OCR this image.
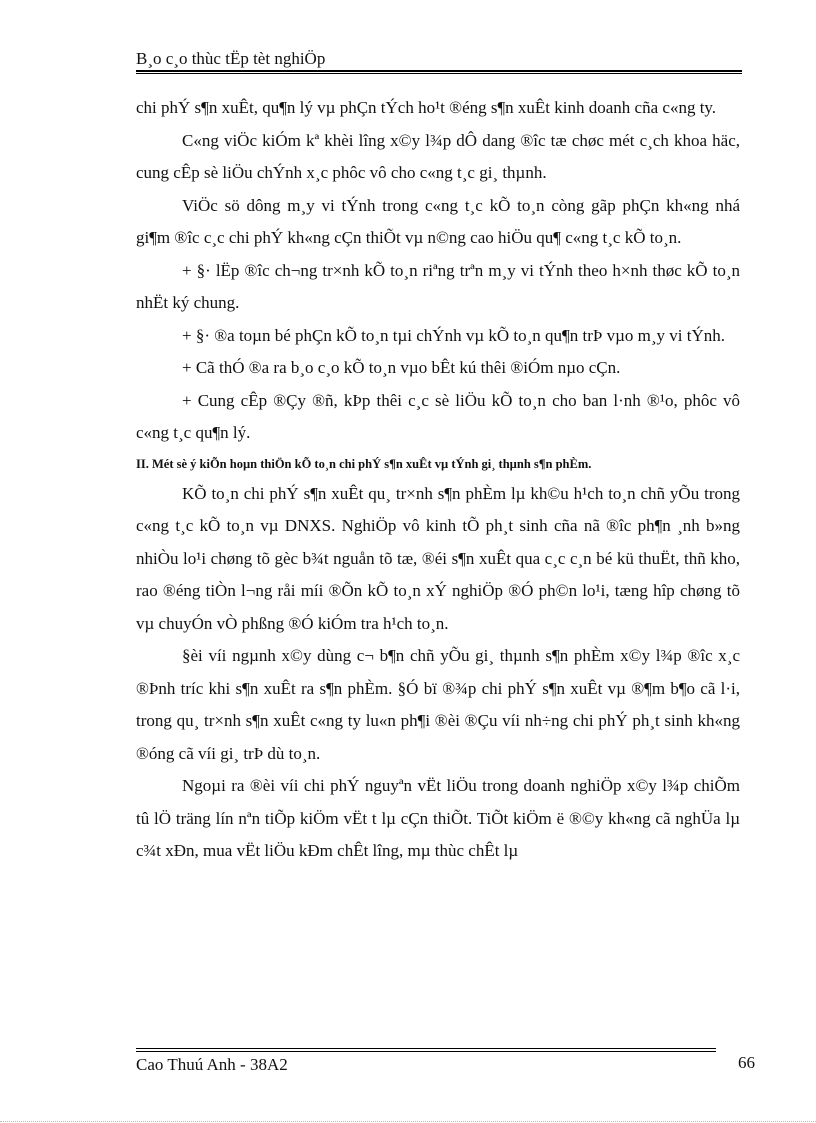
B¸o c¸o thùc tËp tèt nghiÖp

chi phÝ s¶n xuÊt, qu¶n lý vµ phÇn tÝch ho¹t ®éng s¶n xuÊt kinh doanh cña c«ng ty.

C«ng viÖc kiÓm kª khèi lîng x©y l¾p dÔ dang ®îc tæ chøc mét c¸ch khoa häc, cung cÊp sè liÖu chÝnh x¸c phôc vô cho c«ng t¸c gi¸ thµnh.

ViÖc sö dông m¸y vi tÝnh trong c«ng t¸c kÕ to¸n còng gãp phÇn kh«ng nhá gi¶m ®îc c¸c chi phÝ kh«ng cÇn thiÕt vµ n©ng cao hiÖu qu¶ c«ng t¸c kÕ to¸n.

+ §· lËp ®îc ch¬ng tr×nh kÕ to¸n riªng trªn m¸y vi tÝnh theo h×nh thøc kÕ to¸n nhËt ký chung.

+ §· ®a toµn bé phÇn kÕ to¸n tµi chÝnh vµ kÕ to¸n qu¶n trÞ vµo m¸y vi tÝnh.

+ Cã thÓ ®a ra b¸o c¸o kÕ to¸n vµo bÊt kú thêi ®iÓm nµo cÇn.

+ Cung cÊp ®Çy ®ñ, kÞp thêi c¸c sè liÖu kÕ to¸n cho ban l·nh ®¹o, phôc vô c«ng t¸c qu¶n lý.

II. Mét sè ý kiÕn hoµn thiÖn kÕ to¸n chi phÝ s¶n xuÊt vµ tÝnh gi¸ thµnh s¶n phÈm.

KÕ to¸n chi phÝ s¶n xuÊt qu¸ tr×nh s¶n phÈm lµ kh©u h¹ch to¸n chñ yÕu trong c«ng t¸c kÕ to¸n vµ DNXS. NghiÖp vô kinh tÕ ph¸t sinh cña nã ®îc ph¶n ¸nh b»ng nhiÒu lo¹i chøng tõ gèc b¾t nguån tõ tæ, ®éi s¶n xuÊt qua c¸c c¸n bé kü thuËt, thñ kho, rao ®éng tiÒn l¬ng råi míi ®Õn kÕ to¸n xÝ nghiÖp ®Ó ph©n lo¹i, tæng hîp chøng tõ vµ chuyÓn vÒ phßng ®Ó kiÓm tra h¹ch to¸n.

§èi víi ngµnh x©y dùng c¬ b¶n chñ yÕu gi¸ thµnh s¶n phÈm x©y l¾p ®îc x¸c ®Þnh tríc khi s¶n xuÊt ra s¶n phÈm. §Ó bï ®¾p chi phÝ s¶n xuÊt vµ ®¶m b¶o cã l·i, trong qu¸ tr×nh s¶n xuÊt c«ng ty lu«n ph¶i ®èi ®Çu víi nh÷ng chi phÝ ph¸t sinh kh«ng ®óng cã víi gi¸ trÞ dù to¸n.

Ngoµi ra ®èi víi chi phÝ nguyªn vËt liÖu trong doanh nghiÖp x©y l¾p chiÕm tû lÖ träng lín nªn tiÕp kiÖm vËt t lµ cÇn thiÕt. TiÕt kiÖm ë ®©y kh«ng cã nghÜa lµ c¾t xÐn, mua vËt liÖu kÐm chÊt lîng, mµ thùc chÊt lµ

Cao Thuú Anh - 38A2	66
